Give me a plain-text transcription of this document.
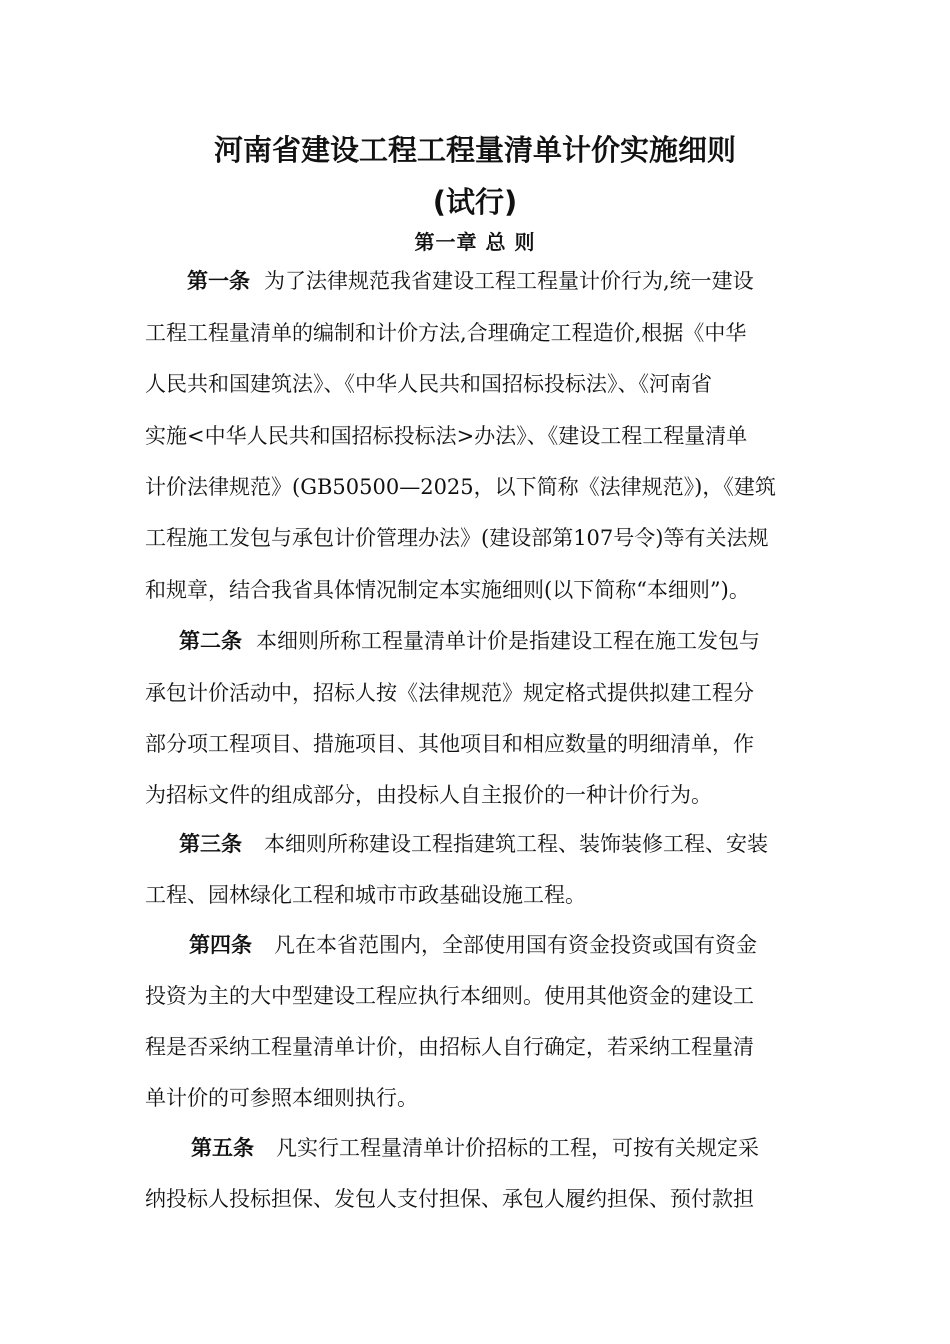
河南省建设工程工程量清单计价实施细则
(试行)
第一章 总 则
第一条 为了法律规范我省建设工程工程量计价行为,统一建设
工程工程量清单的编制和计价方法,合理确定工程造价,根据《中华
人民共和国建筑法》、《中华人民共和国招标投标法》、《河南省
实施<中华人民共和国招标投标法>办法》、《建设工程工程量清单
计价法律规范》(GB50500—2025，以下简称《法律规范》)，《建筑
工程施工发包与承包计价管理办法》(建设部第107号令)等有关法规
和规章，结合我省具体情况制定本实施细则(以下简称“本细则”)。
第二条 本细则所称工程量清单计价是指建设工程在施工发包与
承包计价活动中，招标人按《法律规范》规定格式提供拟建工程分
部分项工程项目、措施项目、其他项目和相应数量的明细清单，作
为招标文件的组成部分，由投标人自主报价的一种计价行为。
第三条 本细则所称建设工程指建筑工程、装饰装修工程、安装
工程、园林绿化工程和城市市政基础设施工程。
第四条 凡在本省范围内，全部使用国有资金投资或国有资金
投资为主的大中型建设工程应执行本细则。使用其他资金的建设工
程是否采纳工程量清单计价，由招标人自行确定，若采纳工程量清
单计价的可参照本细则执行。
第五条 凡实行工程量清单计价招标的工程，可按有关规定采
纳投标人投标担保、发包人支付担保、承包人履约担保、预付款担
